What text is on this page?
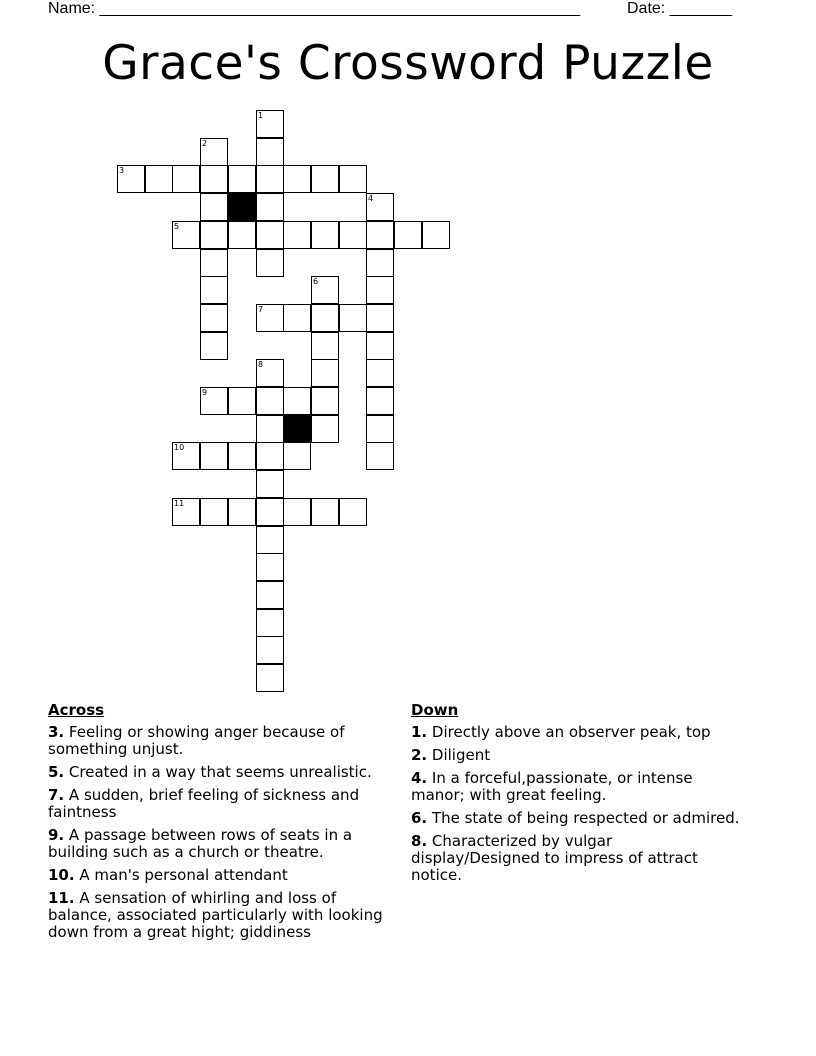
Name: ______________________________________________________	Date: _______
Grace's Crossword Puzzle
1
2
3
4
5
6
7
8
9
10
11
Across
3. Feeling or showing anger because of something unjust.
5. Created in a way that seems unrealistic.
7. A sudden, brief feeling of sickness and faintness
9. A passage between rows of seats in a building such as a church or theatre.
10. A man's personal attendant
11. A sensation of whirling and loss of balance, associated particularly with looking down from a great hight; giddiness
Down
1. Directly above an observer peak, top
2. Diligent
4. In a forceful,passionate, or intense manor; with great feeling.
6. The state of being respected or admired.
8. Characterized by vulgar display/Designed to impress of attract notice.
